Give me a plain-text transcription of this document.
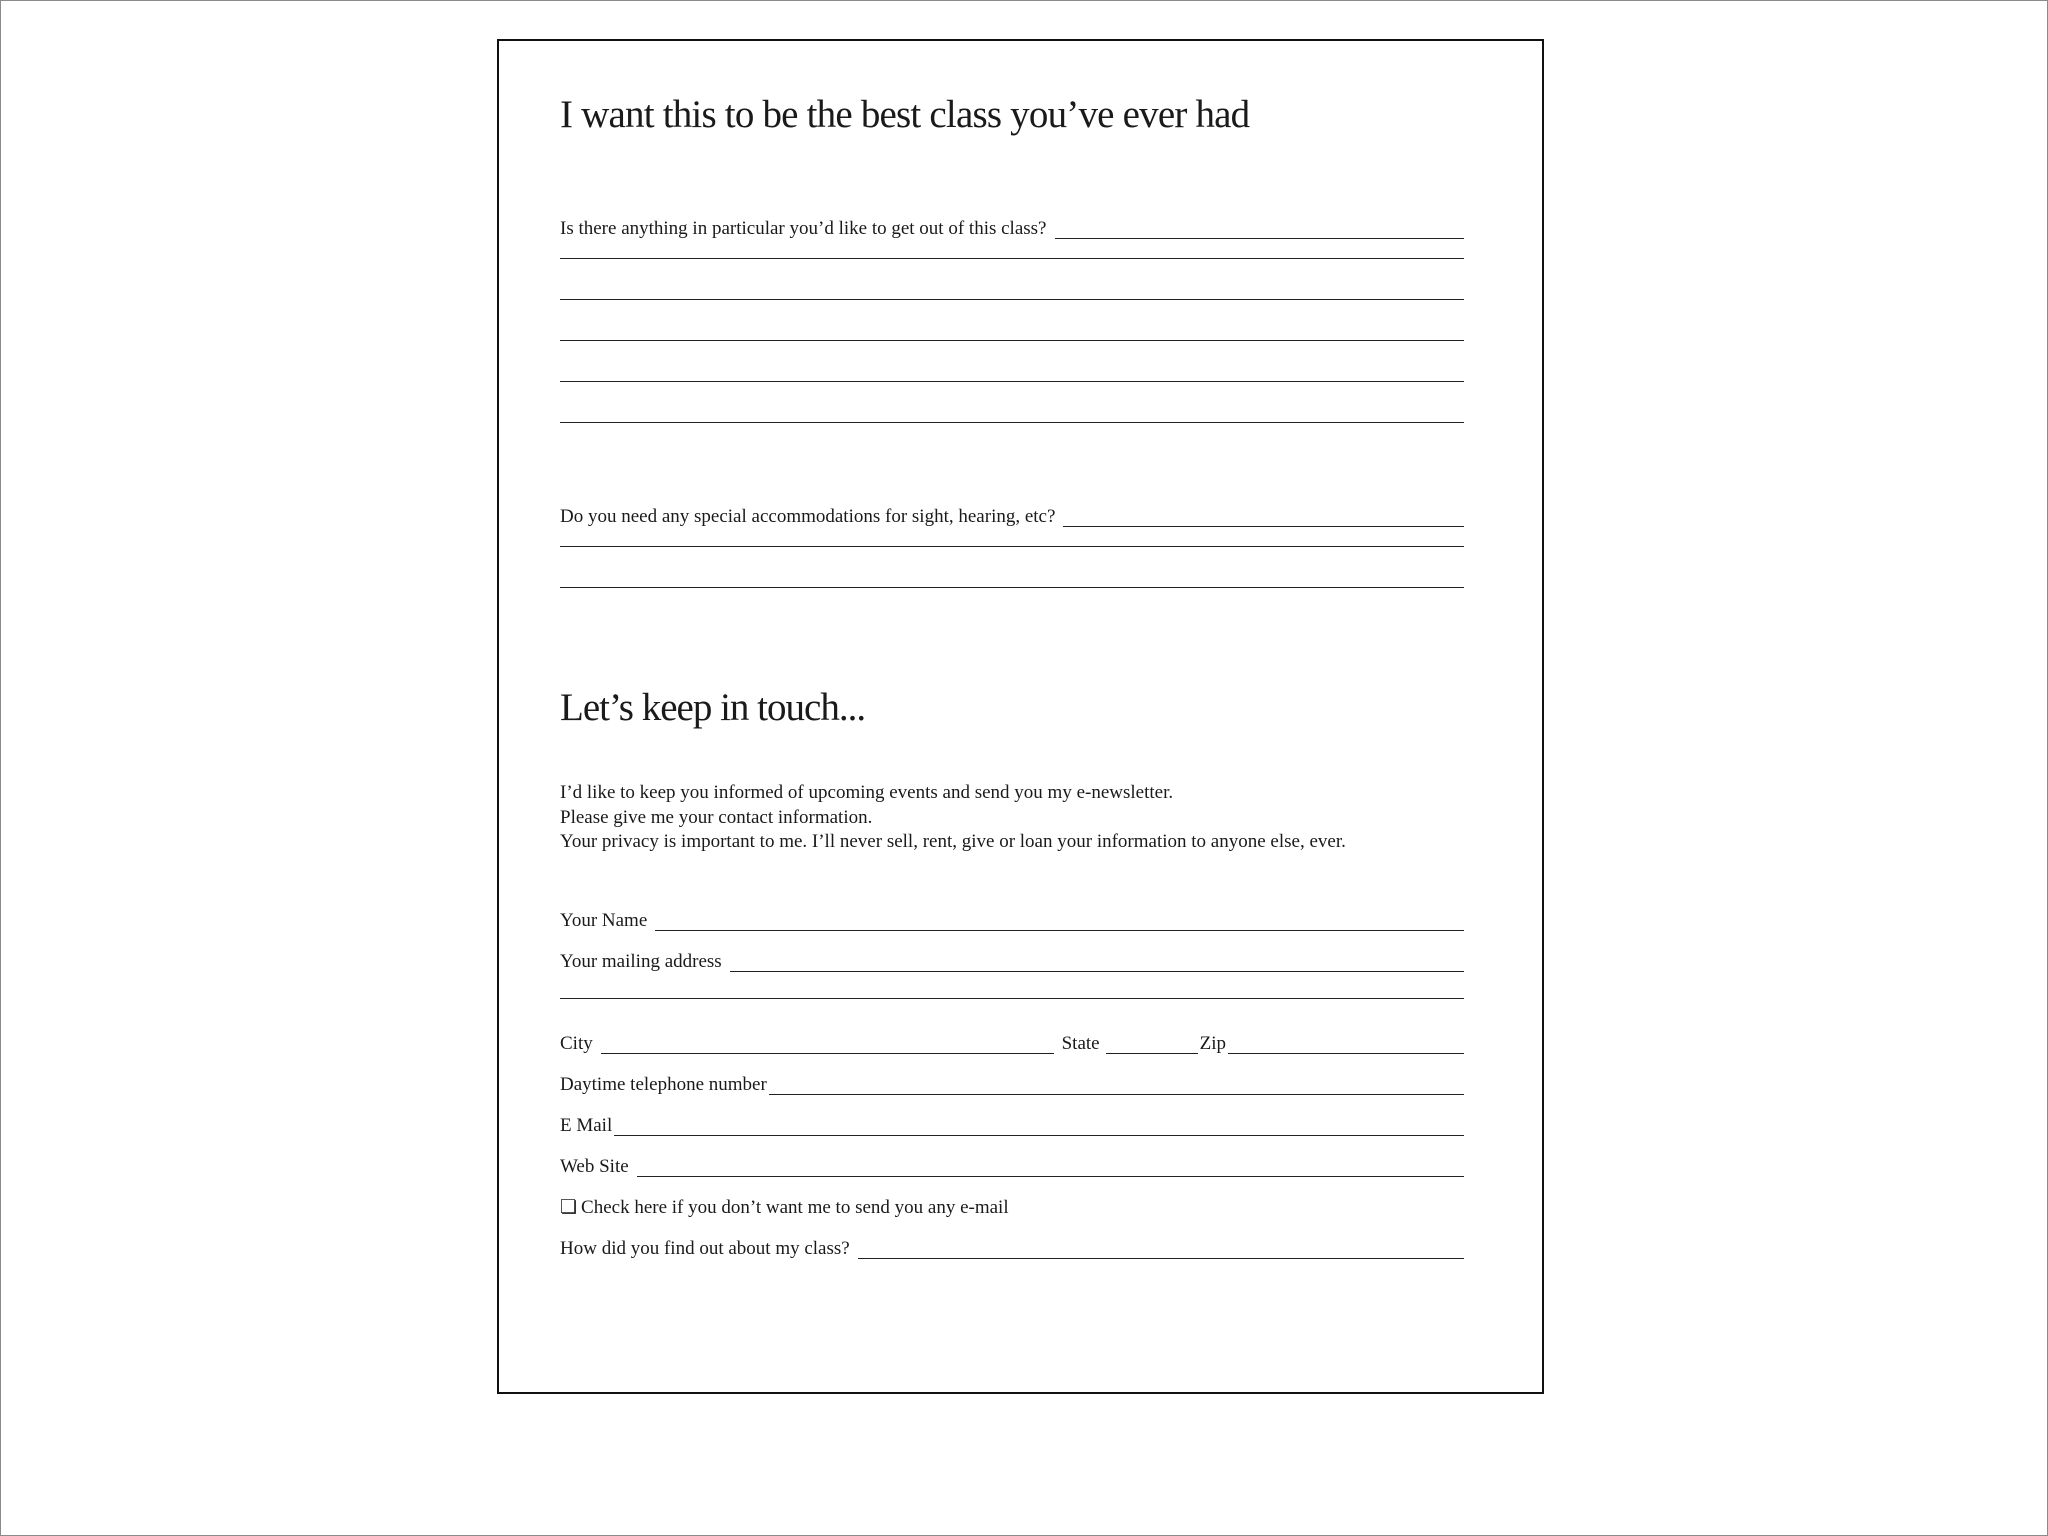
I want this to be the best class you’ve ever had
Is there anything in particular you’d like to get out of this class?
Do you need any special accommodations for sight, hearing, etc?
Let’s keep in touch...
I’d like to keep you informed of upcoming events and send you my e-newsletter.
Please give me your contact information.
Your privacy is important to me. I’ll never sell, rent, give or loan your information to anyone else, ever.
Your Name
Your mailing address
City	State	Zip
Daytime telephone number
E Mail
Web Site
❏ Check here if you don’t want me to send you any e-mail
How did you find out about my class?
